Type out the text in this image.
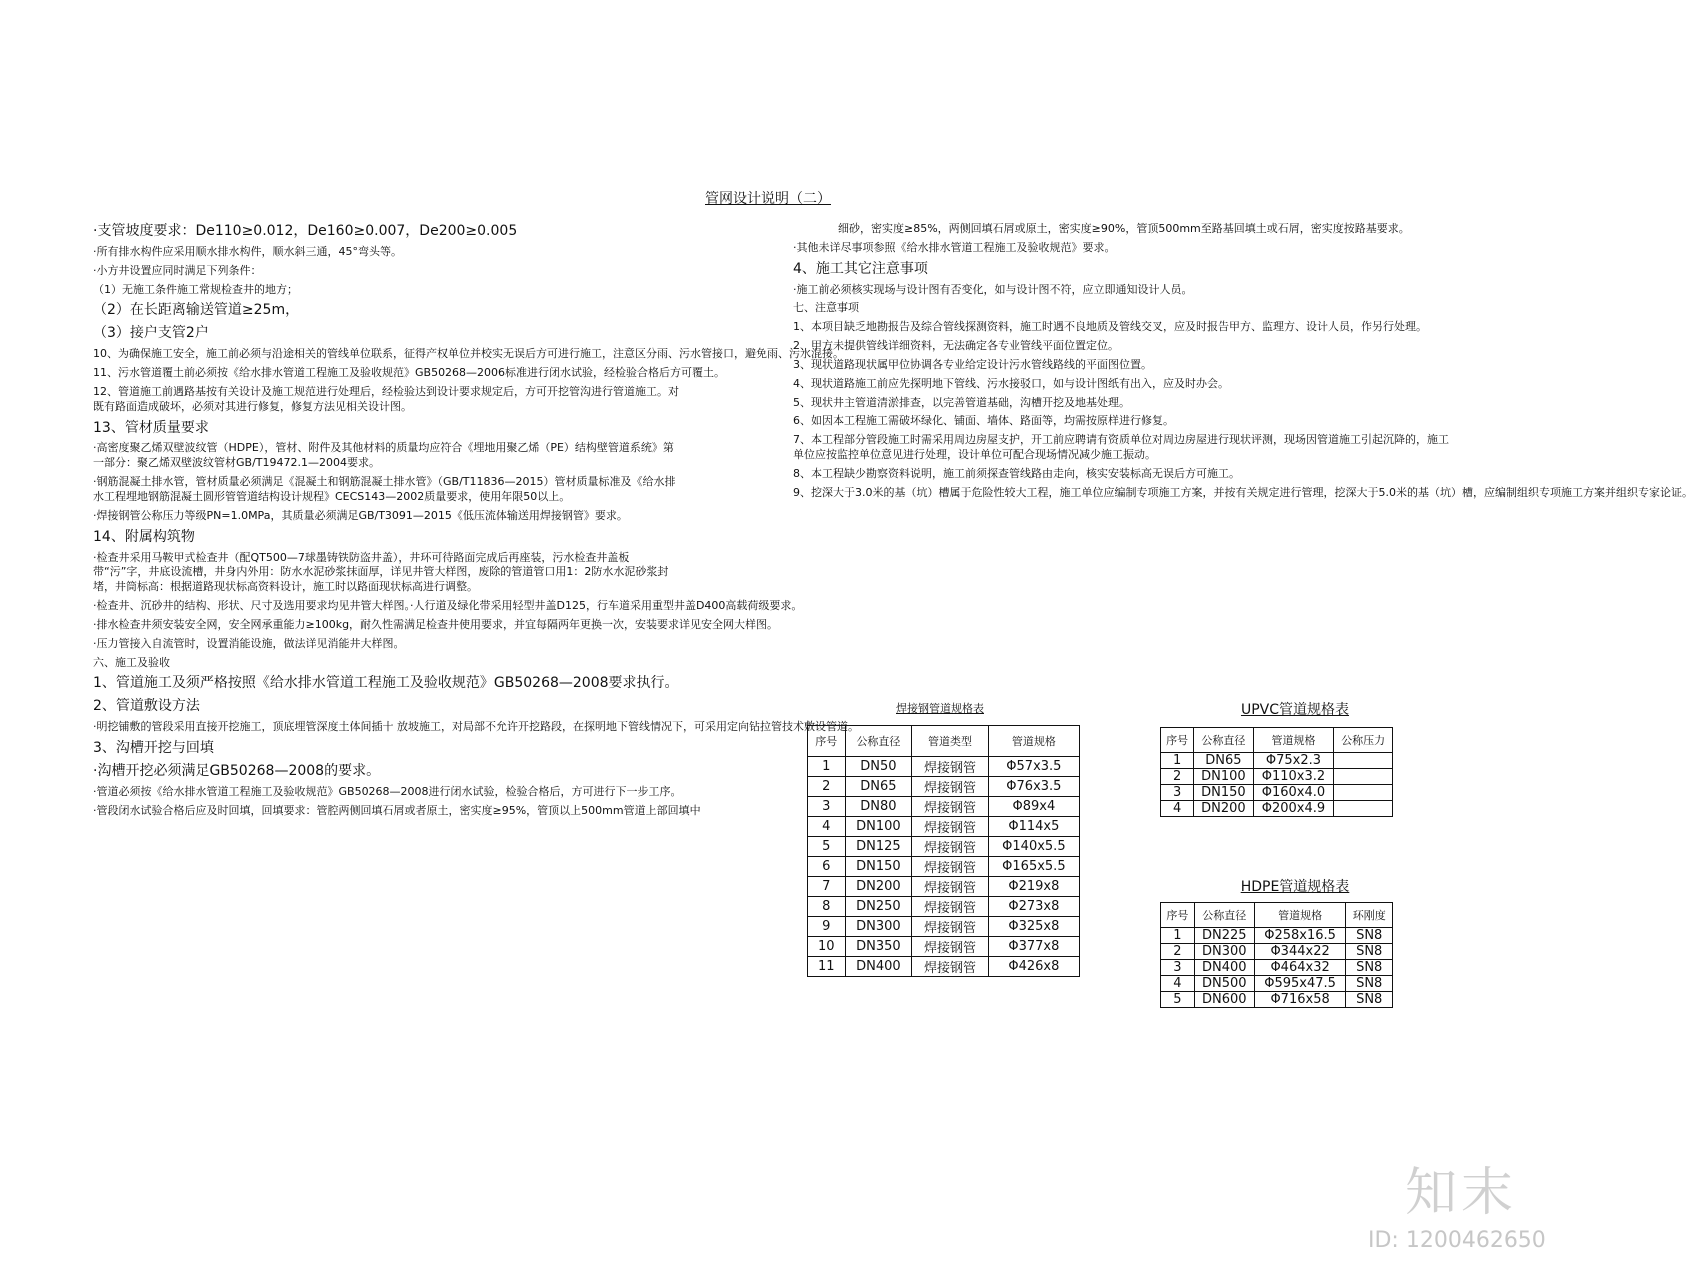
管网设计说明（二）

·支管坡度要求：De110≥0.012，De160≥0.007，De200≥0.005

·所有排水构件应采用顺水排水构件，顺水斜三通，45°弯头等。

·小方井设置应同时满足下列条件：

（1）无施工条件施工常规检查井的地方；

（2）在长距离输送管道≥25m，

（3）接户支管2户

10、为确保施工安全，施工前必须与沿途相关的管线单位联系，征得产权单位并校实无误后方可进行施工，注意区分雨、污水管接口，避免雨、污水混接。

11、污水管道覆土前必须按《给水排水管道工程施工及验收规范》GB50268—2006标准进行闭水试验，经检验合格后方可覆土。

12、管道施工前遇路基按有关设计及施工规范进行处理后，经检验达到设计要求规定后，方可开挖管沟进行管道施工。对既有路面造成破坏，必须对其进行修复，修复方法见相关设计图。

13、管材质量要求

·高密度聚乙烯双壁波纹管（HDPE），管材、附件及其他材料的质量均应符合《埋地用聚乙烯（PE）结构壁管道系统》第一部分：聚乙烯双壁波纹管材GB/T19472.1—2004要求。

·钢筋混凝土排水管，管材质量必须满足《混凝土和钢筋混凝土排水管》（GB/T11836—2015）管材质量标准及《给水排水工程埋地钢筋混凝土圆形管管道结构设计规程》CECS143—2002质量要求，使用年限50以上。

·焊接钢管公称压力等级PN=1.0MPa，其质量必须满足GB/T3091—2015《低压流体输送用焊接钢管》要求。

14、附属构筑物

·检查井采用马鞍甲式检查井（配QT500—7球墨铸铁防盗井盖），井环可待路面完成后再座装，污水检查井盖板带“污”字，井底设流槽，井身内外用：防水水泥砂浆抹面厚，详见井管大样图，废除的管道管口用1：2防水水泥砂浆封堵，井筒标高：根据道路现状标高资料设计，施工时以路面现状标高进行调整。

·检查井、沉砂井的结构、形状、尺寸及选用要求均见井管大样图。·人行道及绿化带采用轻型井盖D125，行车道采用重型井盖D400高载荷级要求。

·排水检查井须安装安全网，安全网承重能力≥100kg，耐久性需满足检查井使用要求，并宜每隔两年更换一次，安装要求详见安全网大样图。

·压力管接入自流管时，设置消能设施，做法详见消能井大样图。

六、施工及验收

1、管道施工及须严格按照《给水排水管道工程施工及验收规范》GB50268—2008要求执行。

2、管道敷设方法

·明挖铺敷的管段采用直接开挖施工，顶底埋管深度土体间插十 放坡施工，对局部不允许开挖路段，在探明地下管线情况下，可采用定向钻拉管技术敷设管道。

3、沟槽开挖与回填

·沟槽开挖必须满足GB50268—2008的要求。

·管道必须按《给水排水管道工程施工及验收规范》GB50268—2008进行闭水试验，检验合格后，方可进行下一步工序。

·管段闭水试验合格后应及时回填，回填要求：管腔两侧回填石屑或者原土，密实度≥95%，管顶以上500mm管道上部回填中

细砂，密实度≥85%，两侧回填石屑或原土，密实度≥90%，管顶500mm至路基回填土或石屑，密实度按路基要求。

·其他未详尽事项参照《给水排水管道工程施工及验收规范》要求。

4、施工其它注意事项

·施工前必须核实现场与设计图有否变化，如与设计图不符，应立即通知设计人员。

七、注意事项

1、本项目缺乏地勘报告及综合管线探测资料，施工时遇不良地质及管线交叉，应及时报告甲方、监理方、设计人员，作另行处理。

2、甲方未提供管线详细资料，无法确定各专业管线平面位置定位。

3、现状道路现状属甲位协调各专业给定设计污水管线路线的平面图位置。

4、现状道路施工前应先探明地下管线、污水接驳口，如与设计图纸有出入，应及时办会。

5、现状井主管道清淤排查，以完善管道基础，沟槽开挖及地基处理。

6、如因本工程施工需破坏绿化、铺面、墙体、路面等，均需按原样进行修复。

7、本工程部分管段施工时需采用周边房屋支护，开工前应聘请有资质单位对周边房屋进行现状评测，现场因管道施工引起沉降的，施工单位应按监控单位意见进行处理，设计单位可配合现场情况减少施工振动。

8、本工程缺少勘察资料说明，施工前须探查管线路由走向，核实安装标高无误后方可施工。

9、挖深大于3.0米的基（坑）槽属于危险性较大工程，施工单位应编制专项施工方案，并按有关规定进行管理，挖深大于5.0米的基（坑）槽，应编制组织专项施工方案并组织专家论证。

焊接钢管道规格表
序号	公称直径	管道类型	管道规格
1	DN50	焊接钢管	Φ57x3.5
2	DN65	焊接钢管	Φ76x3.5
3	DN80	焊接钢管	Φ89x4
4	DN100	焊接钢管	Φ114x5
5	DN125	焊接钢管	Φ140x5.5
6	DN150	焊接钢管	Φ165x5.5
7	DN200	焊接钢管	Φ219x8
8	DN250	焊接钢管	Φ273x8
9	DN300	焊接钢管	Φ325x8
10	DN350	焊接钢管	Φ377x8
11	DN400	焊接钢管	Φ426x8
UPVC管道规格表
序号	公称直径	管道规格	公称压力
1	DN65	Φ75x2.3	
2	DN100	Φ110x3.2	
3	DN150	Φ160x4.0	
4	DN200	Φ200x4.9	
HDPE管道规格表
序号	公称直径	管道规格	环刚度
1	DN225	Φ258x16.5	SN8
2	DN300	Φ344x22	SN8
3	DN400	Φ464x32	SN8
4	DN500	Φ595x47.5	SN8
5	DN600	Φ716x58	SN8
知末
ID: 1200462650
